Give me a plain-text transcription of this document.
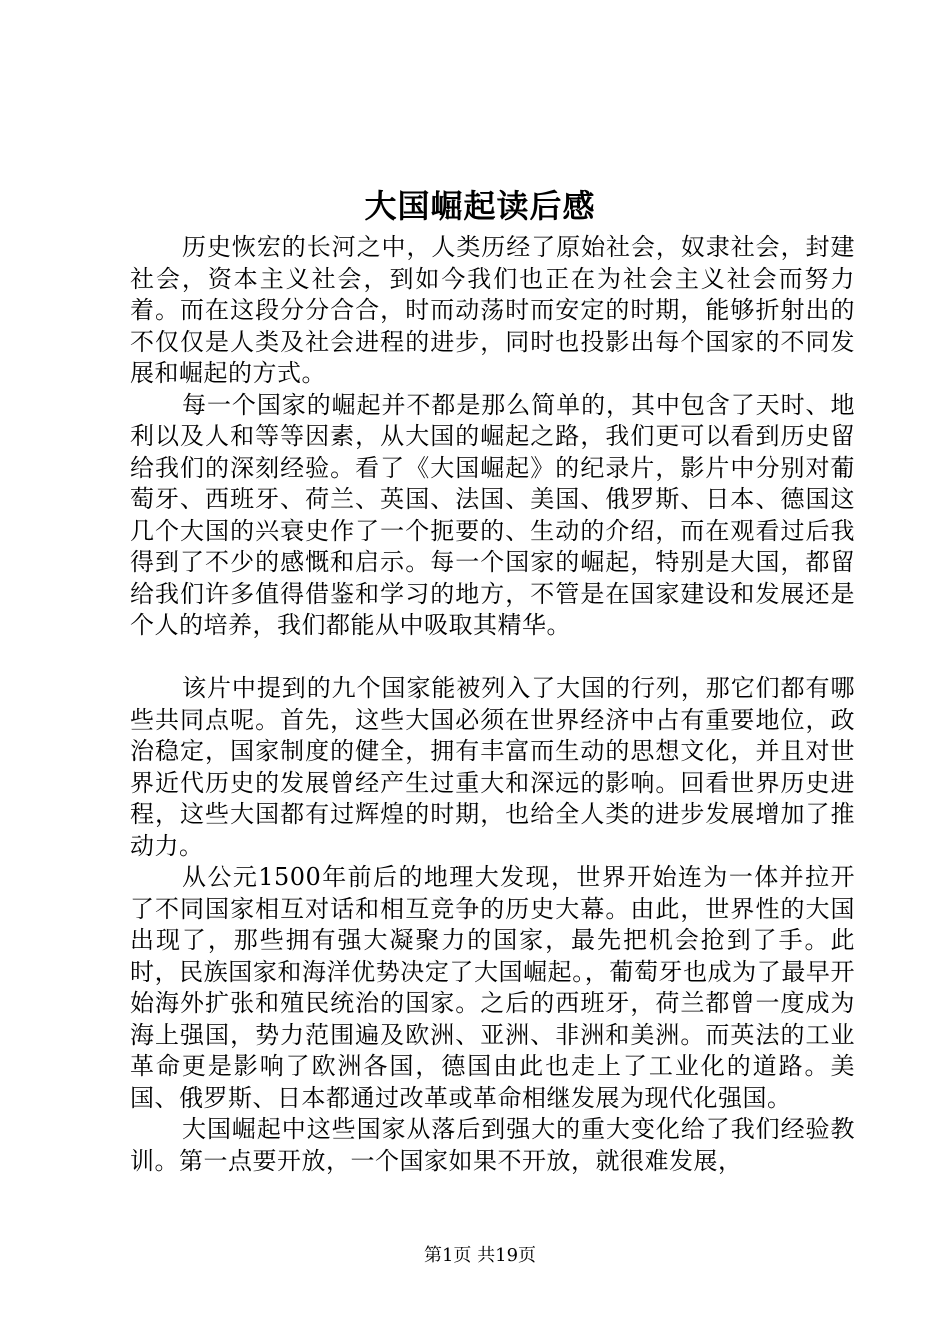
大国崛起读后感

历史恢宏的长河之中，人类历经了原始社会，奴隶社会，封建社会，资本主义社会，到如今我们也正在为社会主义社会而努力着。而在这段分分合合，时而动荡时而安定的时期，能够折射出的不仅仅是人类及社会进程的进步，同时也投影出每个国家的不同发展和崛起的方式。

每一个国家的崛起并不都是那么简单的，其中包含了天时、地利以及人和等等因素，从大国的崛起之路，我们更可以看到历史留给我们的深刻经验。看了《大国崛起》的纪录片，影片中分别对葡萄牙、西班牙、荷兰、英国、法国、美国、俄罗斯、日本、德国这几个大国的兴衰史作了一个扼要的、生动的介绍，而在观看过后我得到了不少的感慨和启示。每一个国家的崛起，特别是大国，都留给我们许多值得借鉴和学习的地方，不管是在国家建设和发展还是个人的培养，我们都能从中吸取其精华。

该片中提到的九个国家能被列入了大国的行列，那它们都有哪些共同点呢。首先，这些大国必须在世界经济中占有重要地位，政治稳定，国家制度的健全，拥有丰富而生动的思想文化，并且对世界近代历史的发展曾经产生过重大和深远的影响。回看世界历史进程，这些大国都有过辉煌的时期，也给全人类的进步发展增加了推动力。

从公元1500年前后的地理大发现，世界开始连为一体并拉开了不同国家相互对话和相互竞争的历史大幕。由此，世界性的大国出现了，那些拥有强大凝聚力的国家，最先把机会抢到了手。此时，民族国家和海洋优势决定了大国崛起。，葡萄牙也成为了最早开始海外扩张和殖民统治的国家。之后的西班牙，荷兰都曾一度成为海上强国，势力范围遍及欧洲、亚洲、非洲和美洲。而英法的工业革命更是影响了欧洲各国，德国由此也走上了工业化的道路。美国、俄罗斯、日本都通过改革或革命相继发展为现代化强国。

大国崛起中这些国家从落后到强大的重大变化给了我们经验教训。第一点要开放，一个国家如果不开放，就很难发展，

第1页 共19页
